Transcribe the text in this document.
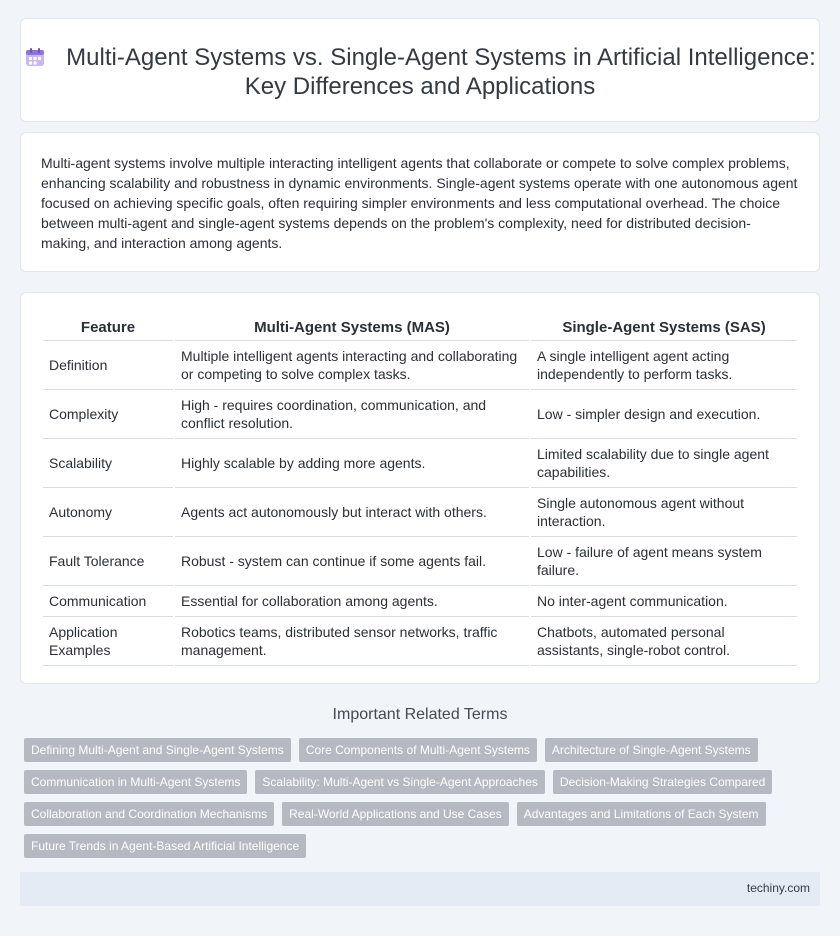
Multi-Agent Systems vs. Single-Agent Systems in Artificial Intelligence: Key Differences and Applications

Multi-agent systems involve multiple interacting intelligent agents that collaborate or compete to solve complex problems, enhancing scalability and robustness in dynamic environments. Single-agent systems operate with one autonomous agent focused on achieving specific goals, often requiring simpler environments and less computational overhead. The choice between multi-agent and single-agent systems depends on the problem's complexity, need for distributed decision-making, and interaction among agents.

Feature	Multi-Agent Systems (MAS)	Single-Agent Systems (SAS)
Definition	Multiple intelligent agents interacting and collaborating or competing to solve complex tasks.	A single intelligent agent acting independently to perform tasks.
Complexity	High - requires coordination, communication, and conflict resolution.	Low - simpler design and execution.
Scalability	Highly scalable by adding more agents.	Limited scalability due to single agent capabilities.
Autonomy	Agents act autonomously but interact with others.	Single autonomous agent without interaction.
Fault Tolerance	Robust - system can continue if some agents fail.	Low - failure of agent means system failure.
Communication	Essential for collaboration among agents.	No inter-agent communication.
Application Examples	Robotics teams, distributed sensor networks, traffic management.	Chatbots, automated personal assistants, single-robot control.
Important Related Terms
Defining Multi-Agent and Single-Agent Systems	Core Components of Multi-Agent Systems	Architecture of Single-Agent Systems
Communication in Multi-Agent Systems	Scalability: Multi-Agent vs Single-Agent Approaches	Decision-Making Strategies Compared
Collaboration and Coordination Mechanisms	Real-World Applications and Use Cases	Advantages and Limitations of Each System
Future Trends in Agent-Based Artificial Intelligence
techiny.com
